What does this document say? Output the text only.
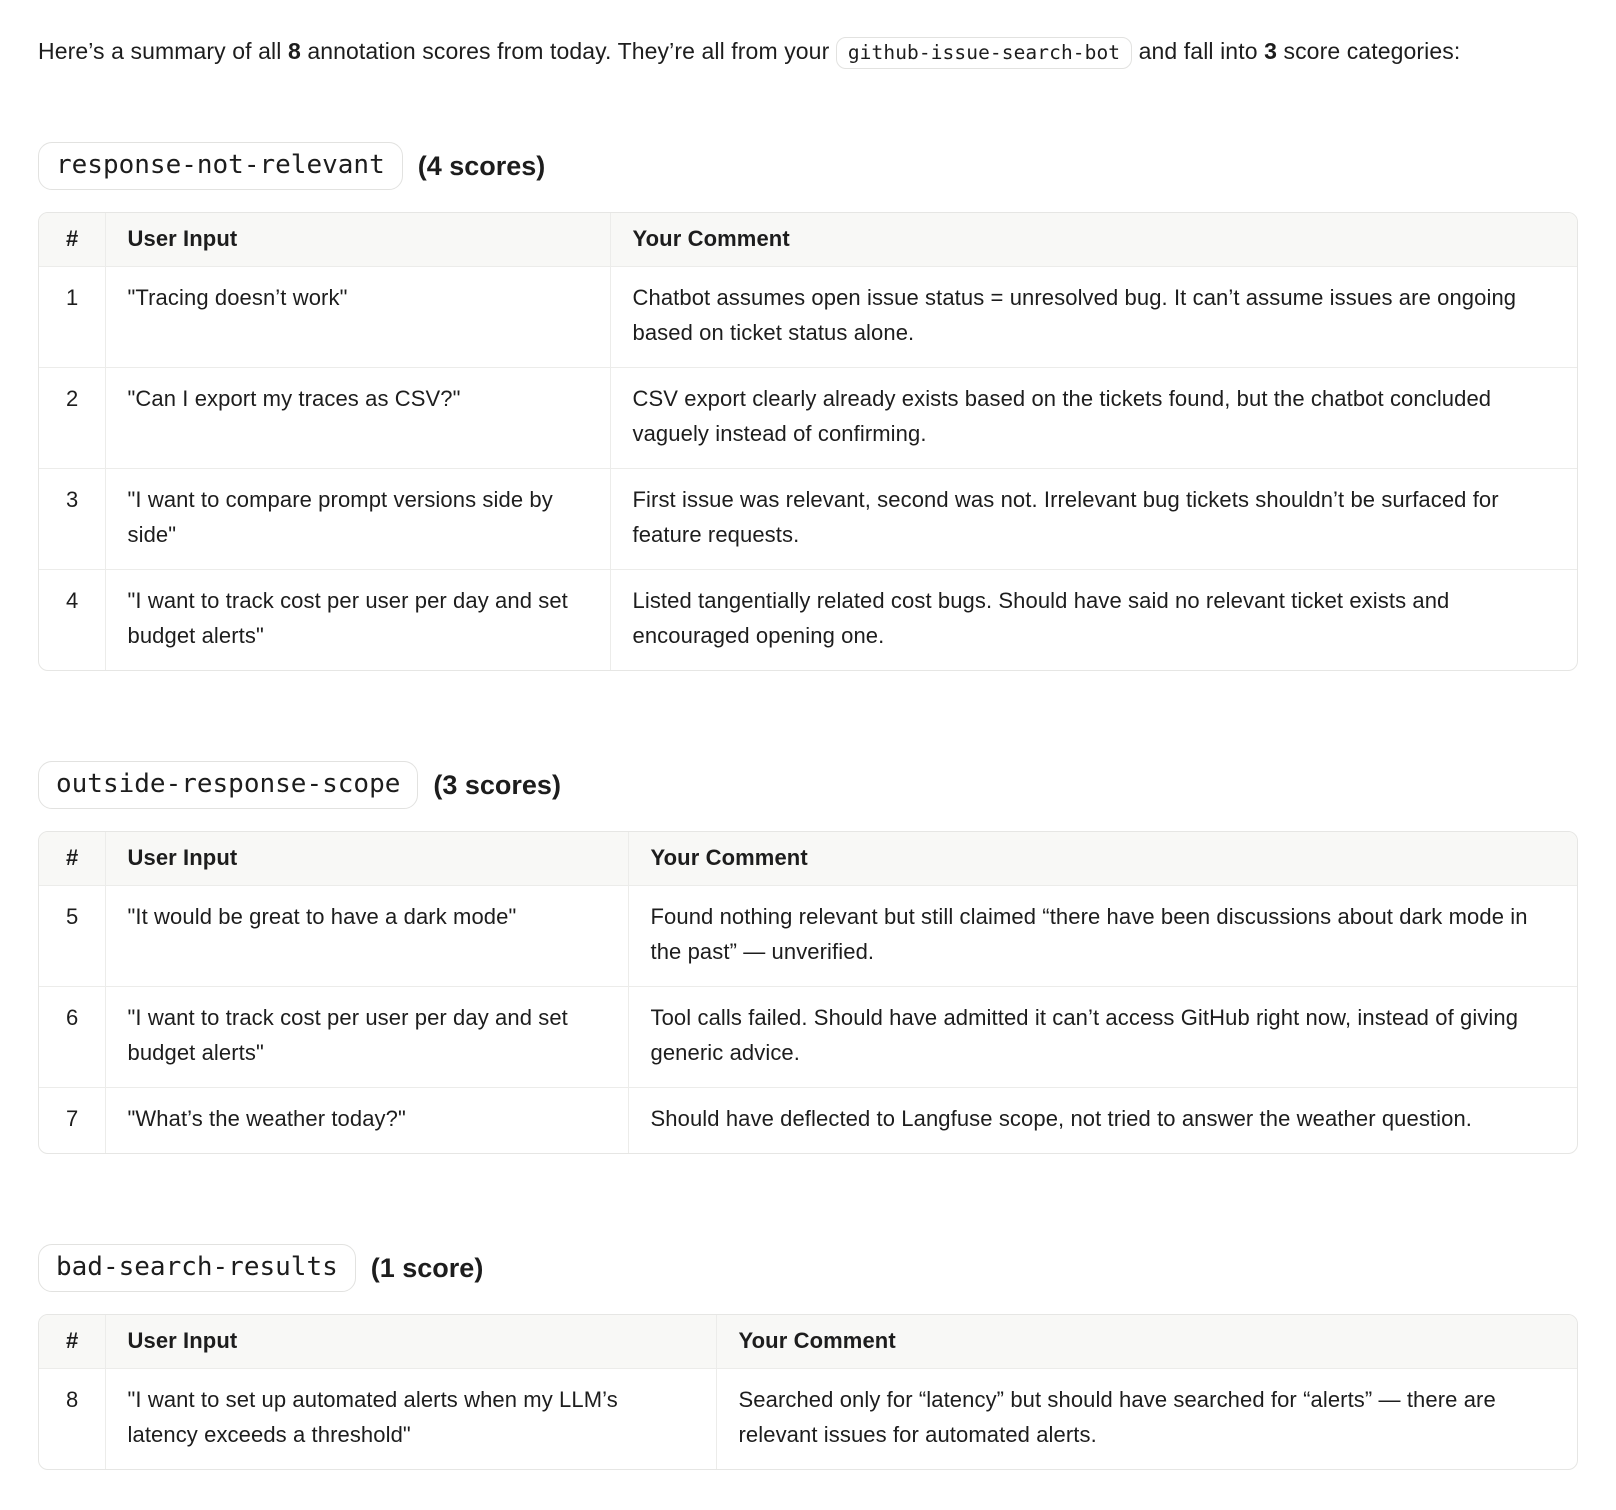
Here’s a summary of all 8 annotation scores from today. They’re all from your github-issue-search-bot and fall into 3 score categories:

response-not-relevant	(4 scores)
#	User Input	Your Comment
1	"Tracing doesn’t work"	Chatbot assumes open issue status = unresolved bug. It can’t assume issues are ongoing based on ticket status alone.
2	"Can I export my traces as CSV?"	CSV export clearly already exists based on the tickets found, but the chatbot concluded vaguely instead of confirming.
3	"I want to compare prompt versions side by side"	First issue was relevant, second was not. Irrelevant bug tickets shouldn’t be surfaced for feature requests.
4	"I want to track cost per user per day and set budget alerts"	Listed tangentially related cost bugs. Should have said no relevant ticket exists and encouraged opening one.
outside-response-scope	(3 scores)
#	User Input	Your Comment
5	"It would be great to have a dark mode"	Found nothing relevant but still claimed “there have been discussions about dark mode in the past” — unverified.
6	"I want to track cost per user per day and set budget alerts"	Tool calls failed. Should have admitted it can’t access GitHub right now, instead of giving generic advice.
7	"What’s the weather today?"	Should have deflected to Langfuse scope, not tried to answer the weather question.
bad-search-results	(1 score)
#	User Input	Your Comment
8	"I want to set up automated alerts when my LLM’s latency exceeds a threshold"	Searched only for “latency” but should have searched for “alerts” — there are relevant issues for automated alerts.
